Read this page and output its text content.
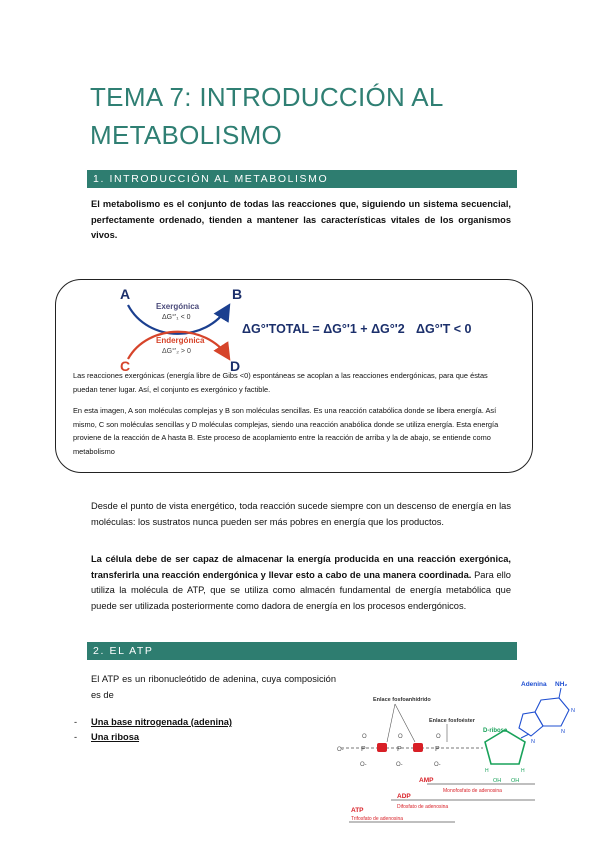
TEMA 7: INTRODUCCIÓN AL
METABOLISMO
1. INTRODUCCIÓN AL METABOLISMO

El metabolismo es el conjunto de todas las reacciones que, siguiendo un sistema secuencial, perfectamente ordenado, tienden a mantener las características vitales de los organismos vivos.

A	B
Exergónica
ΔG°'₁ < 0
Endergónica
ΔG°'₂ > 0
C	D
ΔG°'TOTAL = ΔG°'1 + ΔG°'2 ΔG°'T < 0

Las reacciones exergónicas (energía libre de Gibs <0) espontáneas se acoplan a las reacciones endergónicas, para que éstas puedan tener lugar. Así, el conjunto es exergónico y factible.

En esta imagen, A son moléculas complejas y B son moléculas sencillas. Es una reacción catabólica donde se libera energía. Así mismo, C son moléculas sencillas y D moléculas complejas, siendo una reacción anabólica donde se utiliza energía. Esta energía proviene de la reacción de A hasta B. Este proceso de acoplamiento entre la reacción de arriba y la de abajo, se entiende como metabolismo

Desde el punto de vista energético, toda reacción sucede siempre con un descenso de energía en las moléculas: los sustratos nunca pueden ser más pobres en energía que los productos.

La célula debe de ser capaz de almacenar la energía producida en una reacción exergónica, transferirla una reacción endergónica y llevar esto a cabo de una manera coordinada. Para ello utiliza la molécula de ATP, que se utiliza como almacén fundamental de energía metabólica que puede ser utilizada posteriormente como dadora de energía en los procesos endergónicos.

2. EL ATP

El ATP es un ribonucleótido de adenina, cuya composición es de

- Una base nitrogenada (adenina)
- Una ribosa
Adenina NH₂
N
N
N
Enlace fosfoanhídrido
Enlace fosfoéster
O- P	P	P
O	O	O
O-	O-	O-
D-ribosa
H	H
OH OH
AMP
Monofosfato de adenosina
ADP
Difosfato de adenosina
ATP
Trifosfato de adenosina
